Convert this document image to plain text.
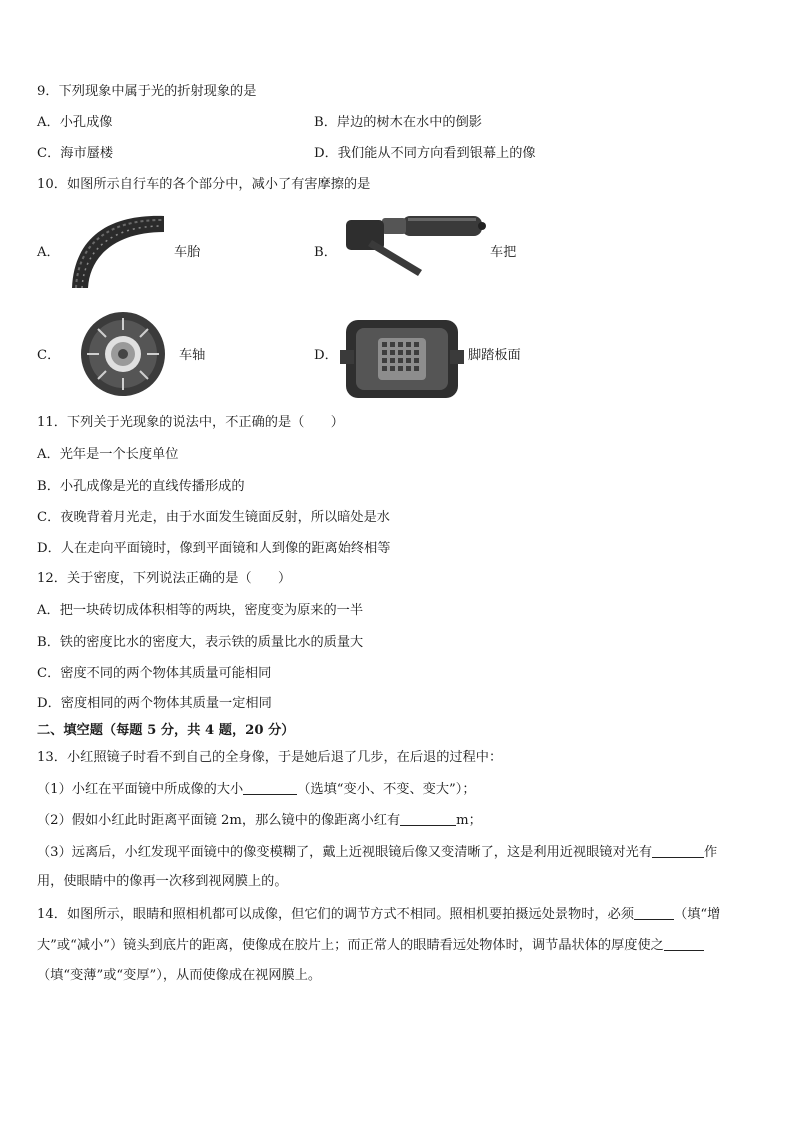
9．下列现象中属于光的折射现象的是
A．小孔成像	B．岸边的树木在水中的倒影
C．海市蜃楼	D．我们能从不同方向看到银幕上的像
10．如图所示自行车的各个部分中，减小了有害摩擦的是
A．	车胎	B．	车把
C．	车轴	D．	脚踏板面
11．下列关于光现象的说法中，不正确的是（　　）
A．光年是一个长度单位
B．小孔成像是光的直线传播形成的
C．夜晚背着月光走，由于水面发生镜面反射，所以暗处是水
D．人在走向平面镜时，像到平面镜和人到像的距离始终相等
12．关于密度，下列说法正确的是（　　）
A．把一块砖切成体积相等的两块，密度变为原来的一半
B．铁的密度比水的密度大，表示铁的质量比水的质量大
C．密度不同的两个物体其质量可能相同
D．密度相同的两个物体其质量一定相同
二、填空题（每题 5 分，共 4 题，20 分）
13．小红照镜子时看不到自己的全身像，于是她后退了几步，在后退的过程中：
（1）小红在平面镜中所成像的大小	（选填“变小、不变、变大”）；
（2）假如小红此时距离平面镜 2m，那么镜中的像距离小红有	m；
（3）远离后，小红发现平面镜中的像变模糊了，戴上近视眼镜后像又变清晰了，这是利用近视眼镜对光有	作
用，使眼睛中的像再一次移到视网膜上的。
14．如图所示，眼睛和照相机都可以成像，但它们的调节方式不相同。照相机要拍摄远处景物时，必须	（填“增
大”或“减小”）镜头到底片的距离，使像成在胶片上；而正常人的眼睛看远处物体时，调节晶状体的厚度使之
（填“变薄”或“变厚”），从而使像成在视网膜上。
